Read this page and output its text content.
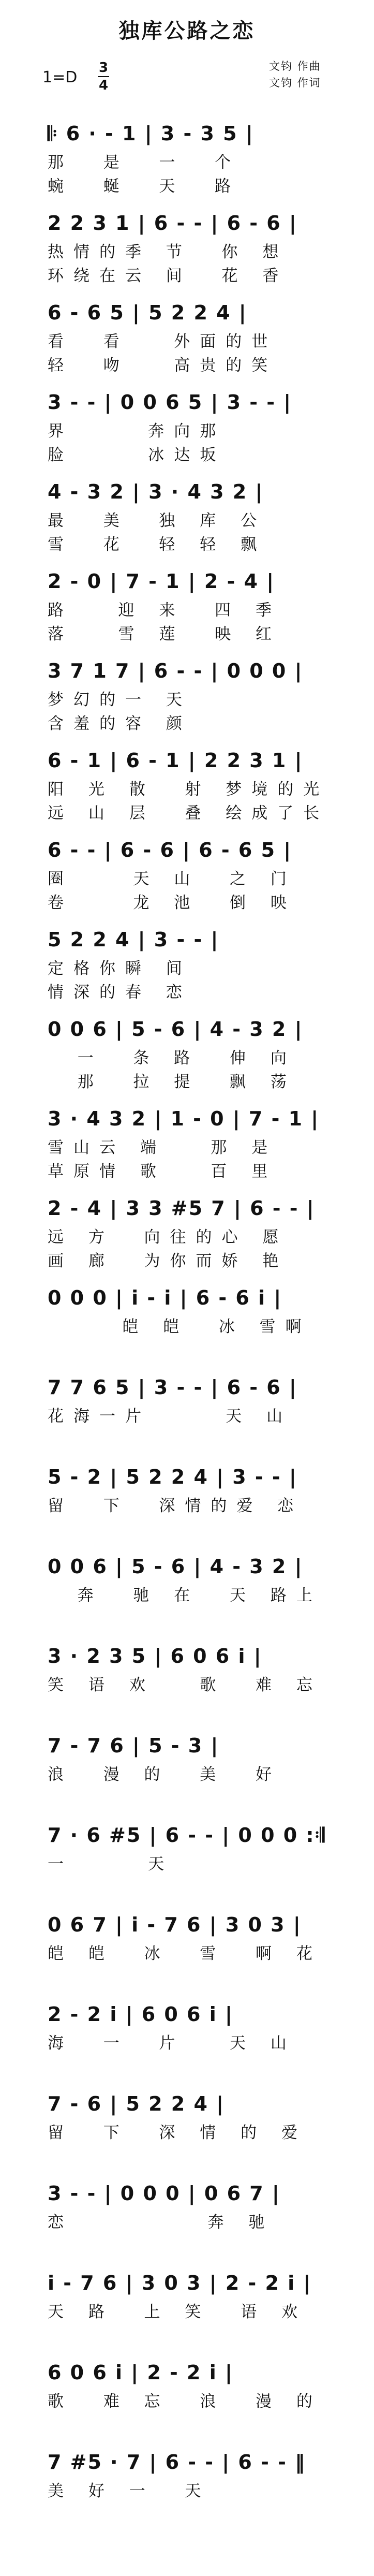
独库公路之恋
文钧 作曲
文钧 作词
1=D
3
4
𝄆 6 · - 1 | 3 - 3 5 |
那  是  一  个
蜿  蜒  天  路
2 2 3 1 | 6 - - | 6 - 6 |
热情的季 节  你 想
环绕在云 间  花 香
6 - 6 5 | 5 2 2 4 |
看  看   外面的世
轻  吻   高贵的笑
3 - - | 0 0 6 5 | 3 - - |
界     奔向那
脸     冰达坂
4 - 3 2 | 3 · 4 3 2 |
最  美  独 库 公
雪  花  轻 轻 飘
2 - 0 | 7 - 1 | 2 - 4 |
路   迎 来  四 季
落   雪 莲  映 红
3 7 1 7 | 6 - - | 0 0 0 |
梦幻的一 天
含羞的容 颜
6 - 1 | 6 - 1 | 2 2 3 1 |
阳 光 散  射 梦境的光
远 山 层  叠 绘成了长
6 - - | 6 - 6 | 6 - 6 5 |
圈    天 山  之 门
卷    龙 池  倒 映
5 2 2 4 | 3 - - |
定格你瞬 间
情深的春 恋
0 0 6 | 5 - 6 | 4 - 3 2 |
一  条 路  伸 向
那  拉 提  飘 荡
3 · 4 3 2 | 1 - 0 | 7 - 1 |
雪山云 端   那 是
草原情 歌   百 里
2 - 4 | 3 3 #5 7 | 6 - - |
远 方  向往的心 愿
画 廊  为你而娇 艳
0 0 0 | i - i | 6 - 6 i |
皑 皑  冰 雪啊
7 7 6 5 | 3 - - | 6 - 6 |
花海一片     天 山
5 - 2 | 5 2 2 4 | 3 - - |
留  下  深情的爱 恋
0 0 6 | 5 - 6 | 4 - 3 2 |
奔  驰 在  天 路上
3 · 2 3 5 | 6 0 6 i |
笑 语 欢   歌  难 忘
7 - 7 6 | 5 - 3 |
浪  漫 的  美  好
7 · 6 #5 | 6 - - | 0 0 0 :𝄇
一     天
0 6 7 | i - 7 6 | 3 0 3 |
皑 皑  冰  雪  啊 花
2 - 2 i | 6 0 6 i |
海  一  片   天 山
7 - 6 | 5 2 2 4 |
留  下  深 情 的 爱
3 - - | 0 0 0 | 0 6 7 |
恋         奔 驰
i - 7 6 | 3 0 3 | 2 - 2 i |
天 路  上 笑  语 欢
6 0 6 i | 2 - 2 i |
歌  难 忘  浪  漫 的
7 #5 · 7 | 6 - - | 6 - - ‖
美 好 一  天
